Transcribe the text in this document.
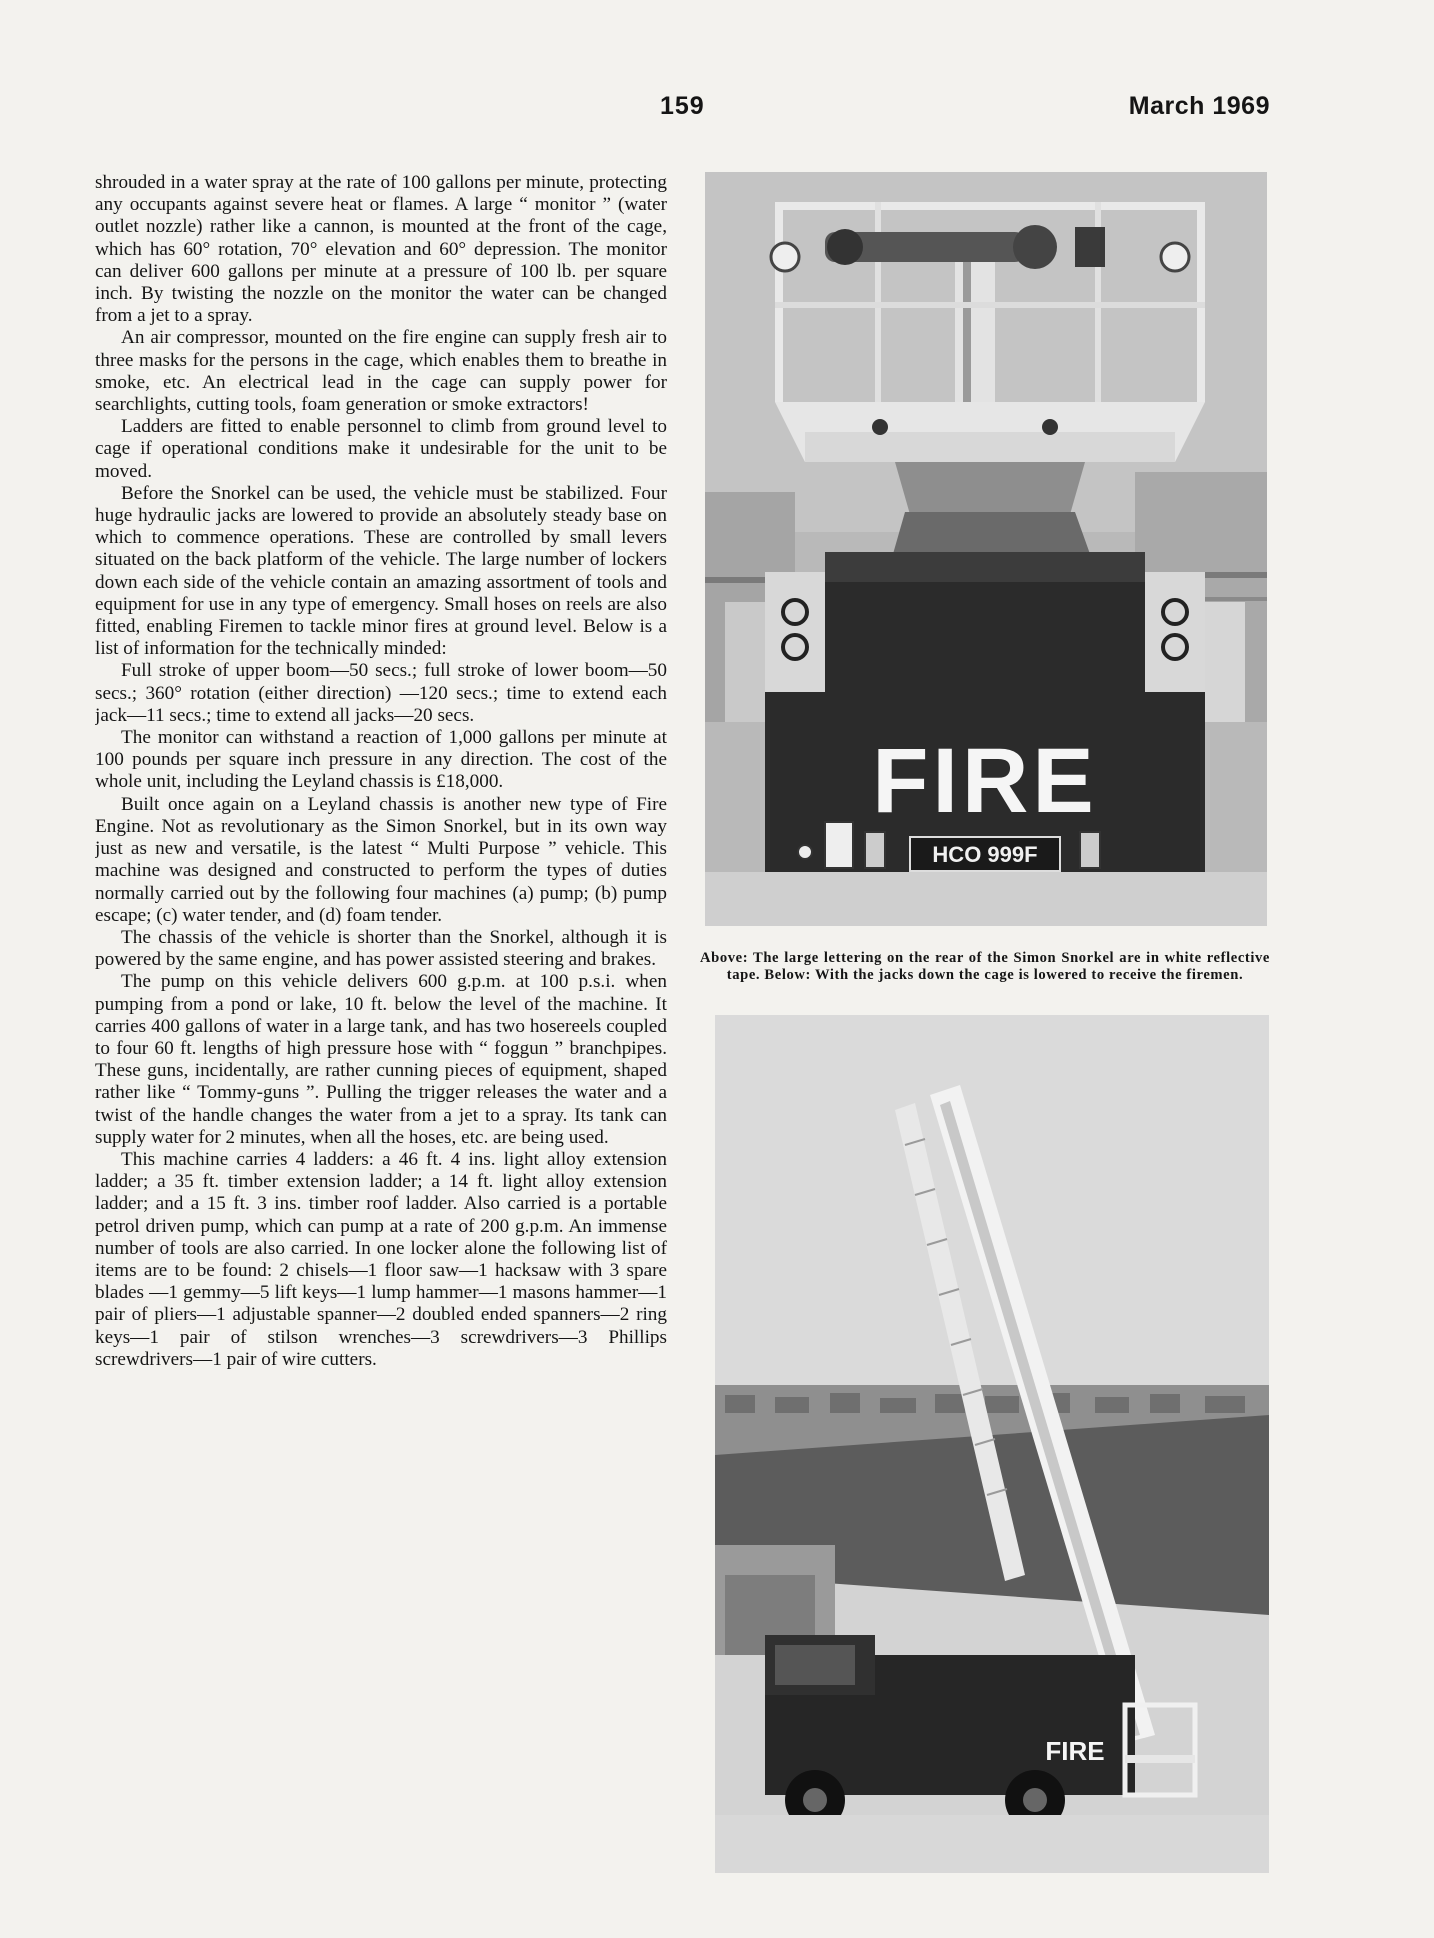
159	March 1969

shrouded in a water spray at the rate of 100 gallons per minute, protecting any occupants against severe heat or flames. A large “ monitor ” (water outlet nozzle) rather like a cannon, is mounted at the front of the cage, which has 60° rotation, 70° elevation and 60° depression. The monitor can deliver 600 gallons per minute at a pressure of 100 lb. per square inch. By twisting the nozzle on the monitor the water can be changed from a jet to a spray.

An air compressor, mounted on the fire engine can supply fresh air to three masks for the persons in the cage, which enables them to breathe in smoke, etc. An electrical lead in the cage can supply power for searchlights, cutting tools, foam generation or smoke extractors!

Ladders are fitted to enable personnel to climb from ground level to cage if operational conditions make it undesirable for the unit to be moved.

Before the Snorkel can be used, the vehicle must be stabilized. Four huge hydraulic jacks are lowered to provide an absolutely steady base on which to commence operations. These are controlled by small levers situated on the back platform of the vehicle. The large number of lockers down each side of the vehicle contain an amazing assortment of tools and equipment for use in any type of emergency. Small hoses on reels are also fitted, enabling Firemen to tackle minor fires at ground level. Below is a list of information for the technically minded:

Full stroke of upper boom—50 secs.; full stroke of lower boom—50 secs.; 360° rotation (either direction) —120 secs.; time to extend each jack—11 secs.; time to extend all jacks—20 secs.

The monitor can withstand a reaction of 1,000 gallons per minute at 100 pounds per square inch pressure in any direction. The cost of the whole unit, including the Leyland chassis is £18,000.

Built once again on a Leyland chassis is another new type of Fire Engine. Not as revolutionary as the Simon Snorkel, but in its own way just as new and versatile, is the latest “ Multi Purpose ” vehicle. This machine was designed and constructed to perform the types of duties normally carried out by the following four machines (a) pump; (b) pump escape; (c) water tender, and (d) foam tender.

The chassis of the vehicle is shorter than the Snorkel, although it is powered by the same engine, and has power assisted steering and brakes.

The pump on this vehicle delivers 600 g.p.m. at 100 p.s.i. when pumping from a pond or lake, 10 ft. below the level of the machine. It carries 400 gallons of water in a large tank, and has two hosereels coupled to four 60 ft. lengths of high pressure hose with “ foggun ” branchpipes. These guns, incidentally, are rather cunning pieces of equipment, shaped rather like “ Tommy-guns ”. Pulling the trigger releases the water and a twist of the handle changes the water from a jet to a spray. Its tank can supply water for 2 minutes, when all the hoses, etc. are being used.

This machine carries 4 ladders: a 46 ft. 4 ins. light alloy extension ladder; a 35 ft. timber extension ladder; a 14 ft. light alloy extension ladder; and a 15 ft. 3 ins. timber roof ladder. Also carried is a portable petrol driven pump, which can pump at a rate of 200 g.p.m. An immense number of tools are also carried. In one locker alone the following list of items are to be found: 2 chisels—1 floor saw—1 hacksaw with 3 spare blades —1 gemmy—5 lift keys—1 lump hammer—1 masons hammer—1 pair of pliers—1 adjustable spanner—2 doubled ended spanners—2 ring keys—1 pair of stilson wrenches—3 screwdrivers—3 Phillips screwdrivers—1 pair of wire cutters.

FIRE
HCO 999F
Above: The large lettering on the rear of the Simon Snorkel are in white reflective tape. Below: With the jacks down the cage is lowered to receive the firemen.
FIRE
